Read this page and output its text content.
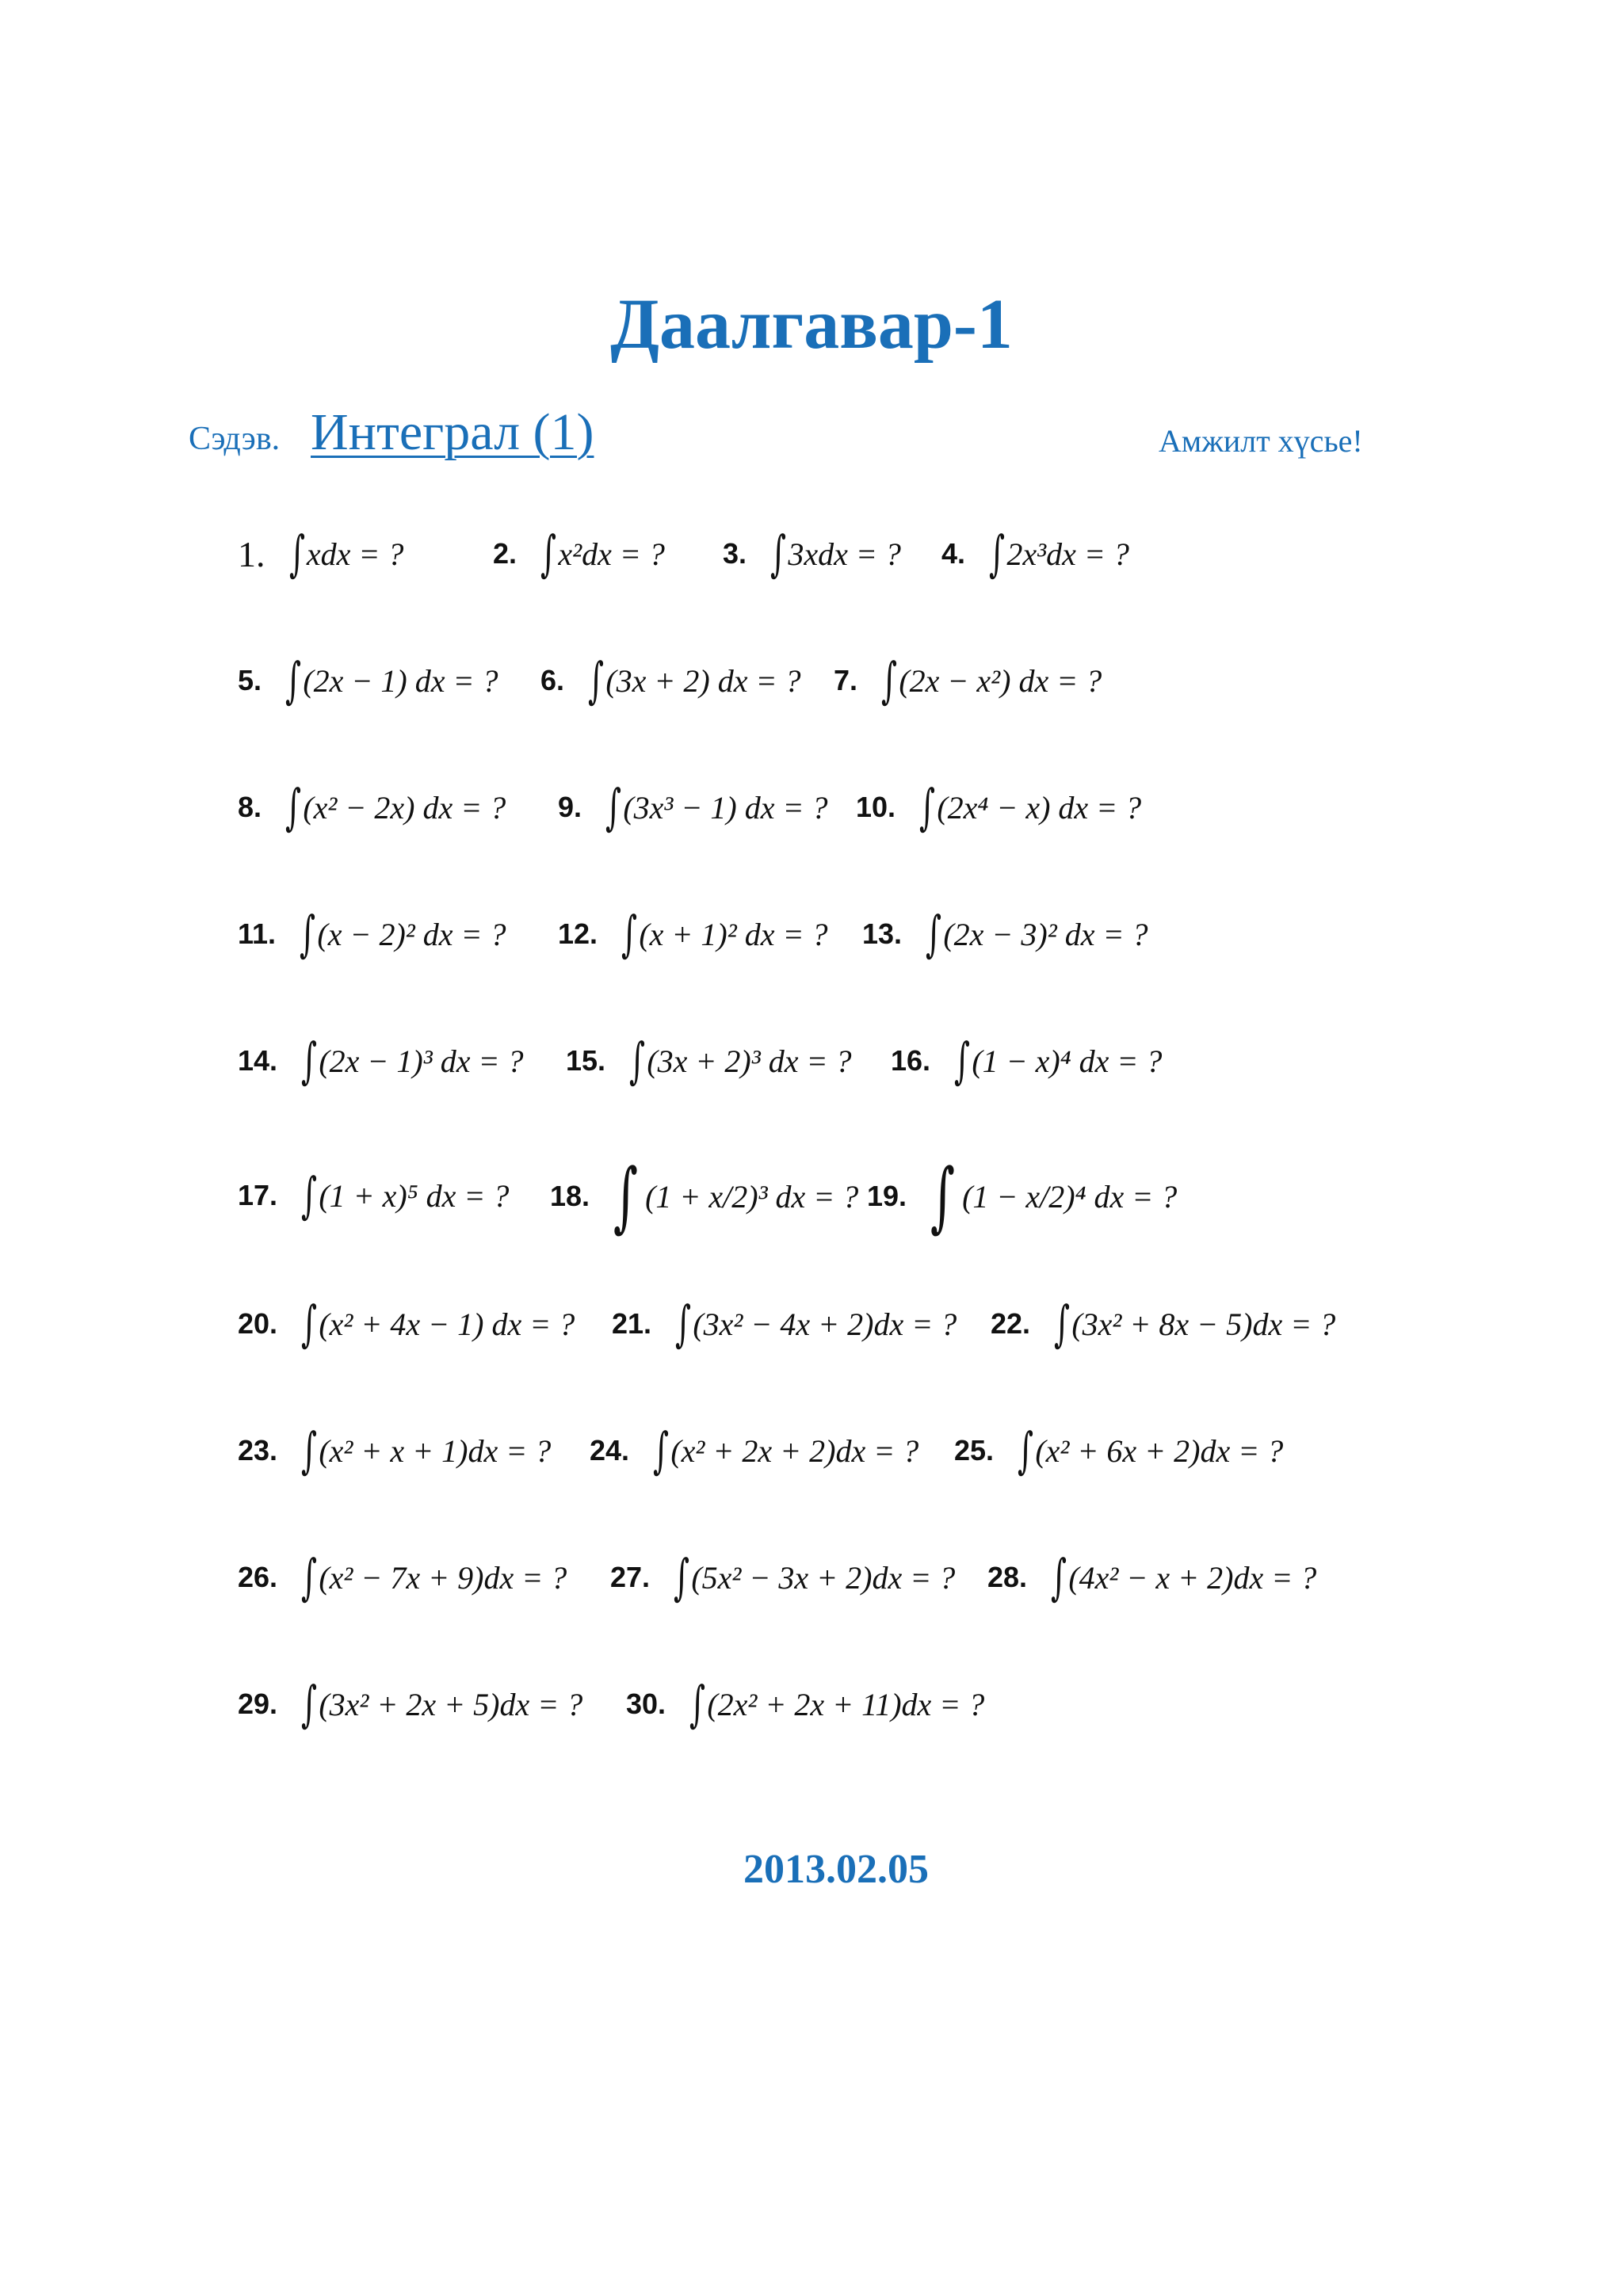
Даалгавар-1
Сэдэв. Интеграл (1)	Амжилт хүсье!
1. ∫ xdx = ?	2. ∫ x²dx = ? 3. ∫ 3xdx = ? 4. ∫ 2x³dx = ?
5. ∫ (2x − 1) dx = ? 6. ∫ (3x + 2) dx = ? 7. ∫ (2x − x²) dx = ?
8. ∫ (x² − 2x) dx = ? 9. ∫ (3x³ − 1) dx = ? 10. ∫ (2x⁴ − x) dx = ?
11. ∫ (x − 2)² dx = ? 12. ∫ (x + 1)² dx = ? 13. ∫ (2x − 3)² dx = ?
14. ∫ (2x − 1)³ dx = ? 15. ∫ (3x + 2)³ dx = ? 16. ∫ (1 − x)⁴ dx = ?
17. ∫ (1 + x)⁵ dx = ? 18. ∫ (1 + x/2)³ dx = ? 19. ∫ (1 − x/2)⁴ dx = ?
20. ∫ (x² + 4x − 1) dx = ? 21. ∫ (3x² − 4x + 2)dx = ? 22. ∫ (3x² + 8x − 5)dx = ?
23. ∫ (x² + x + 1)dx = ? 24. ∫ (x² + 2x + 2)dx = ? 25. ∫ (x² + 6x + 2)dx = ?
26. ∫ (x² − 7x + 9)dx = ? 27. ∫ (5x² − 3x + 2)dx = ? 28. ∫ (4x² − x + 2)dx = ?
29. ∫ (3x² + 2x + 5)dx = ? 30. ∫ (2x² + 2x + 11)dx = ?
2013.02.05
